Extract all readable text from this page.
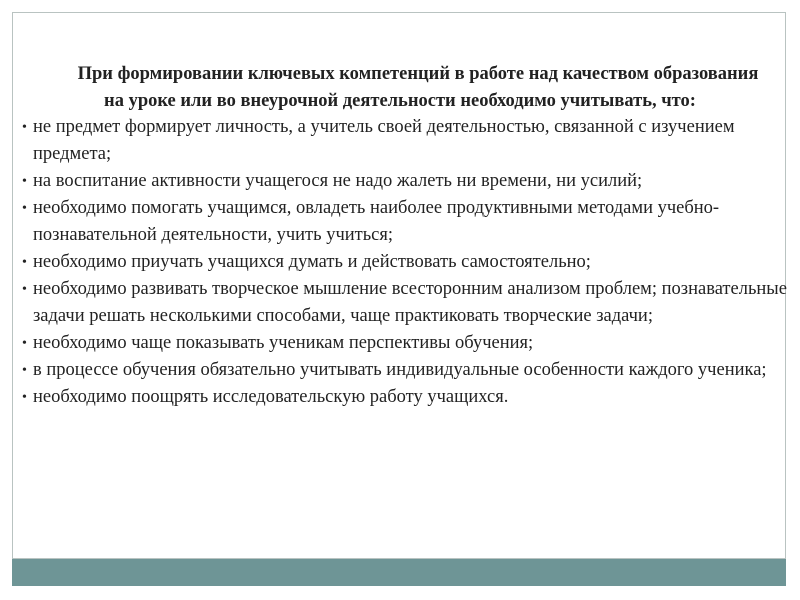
При формировании ключевых компетенций в работе над качеством образования на уроке или во внеурочной деятельности необходимо учитывать, что:

• не предмет формирует личность, а учитель своей деятельностью, связанной с изучением предмета;
• на воспитание активности учащегося не надо жалеть ни времени, ни усилий;
• необходимо помогать учащимся, овладеть наиболее продуктивными методами учебно-познавательной деятельности, учить учиться;
• необходимо приучать учащихся думать и действовать самостоятельно;
• необходимо развивать творческое мышление всесторонним анализом проблем; познавательные задачи решать несколькими способами, чаще практиковать творческие задачи;
• необходимо чаще показывать ученикам перспективы обучения;
• в процессе обучения обязательно учитывать индивидуальные особенности каждого ученика;
• необходимо поощрять исследовательскую работу учащихся.
